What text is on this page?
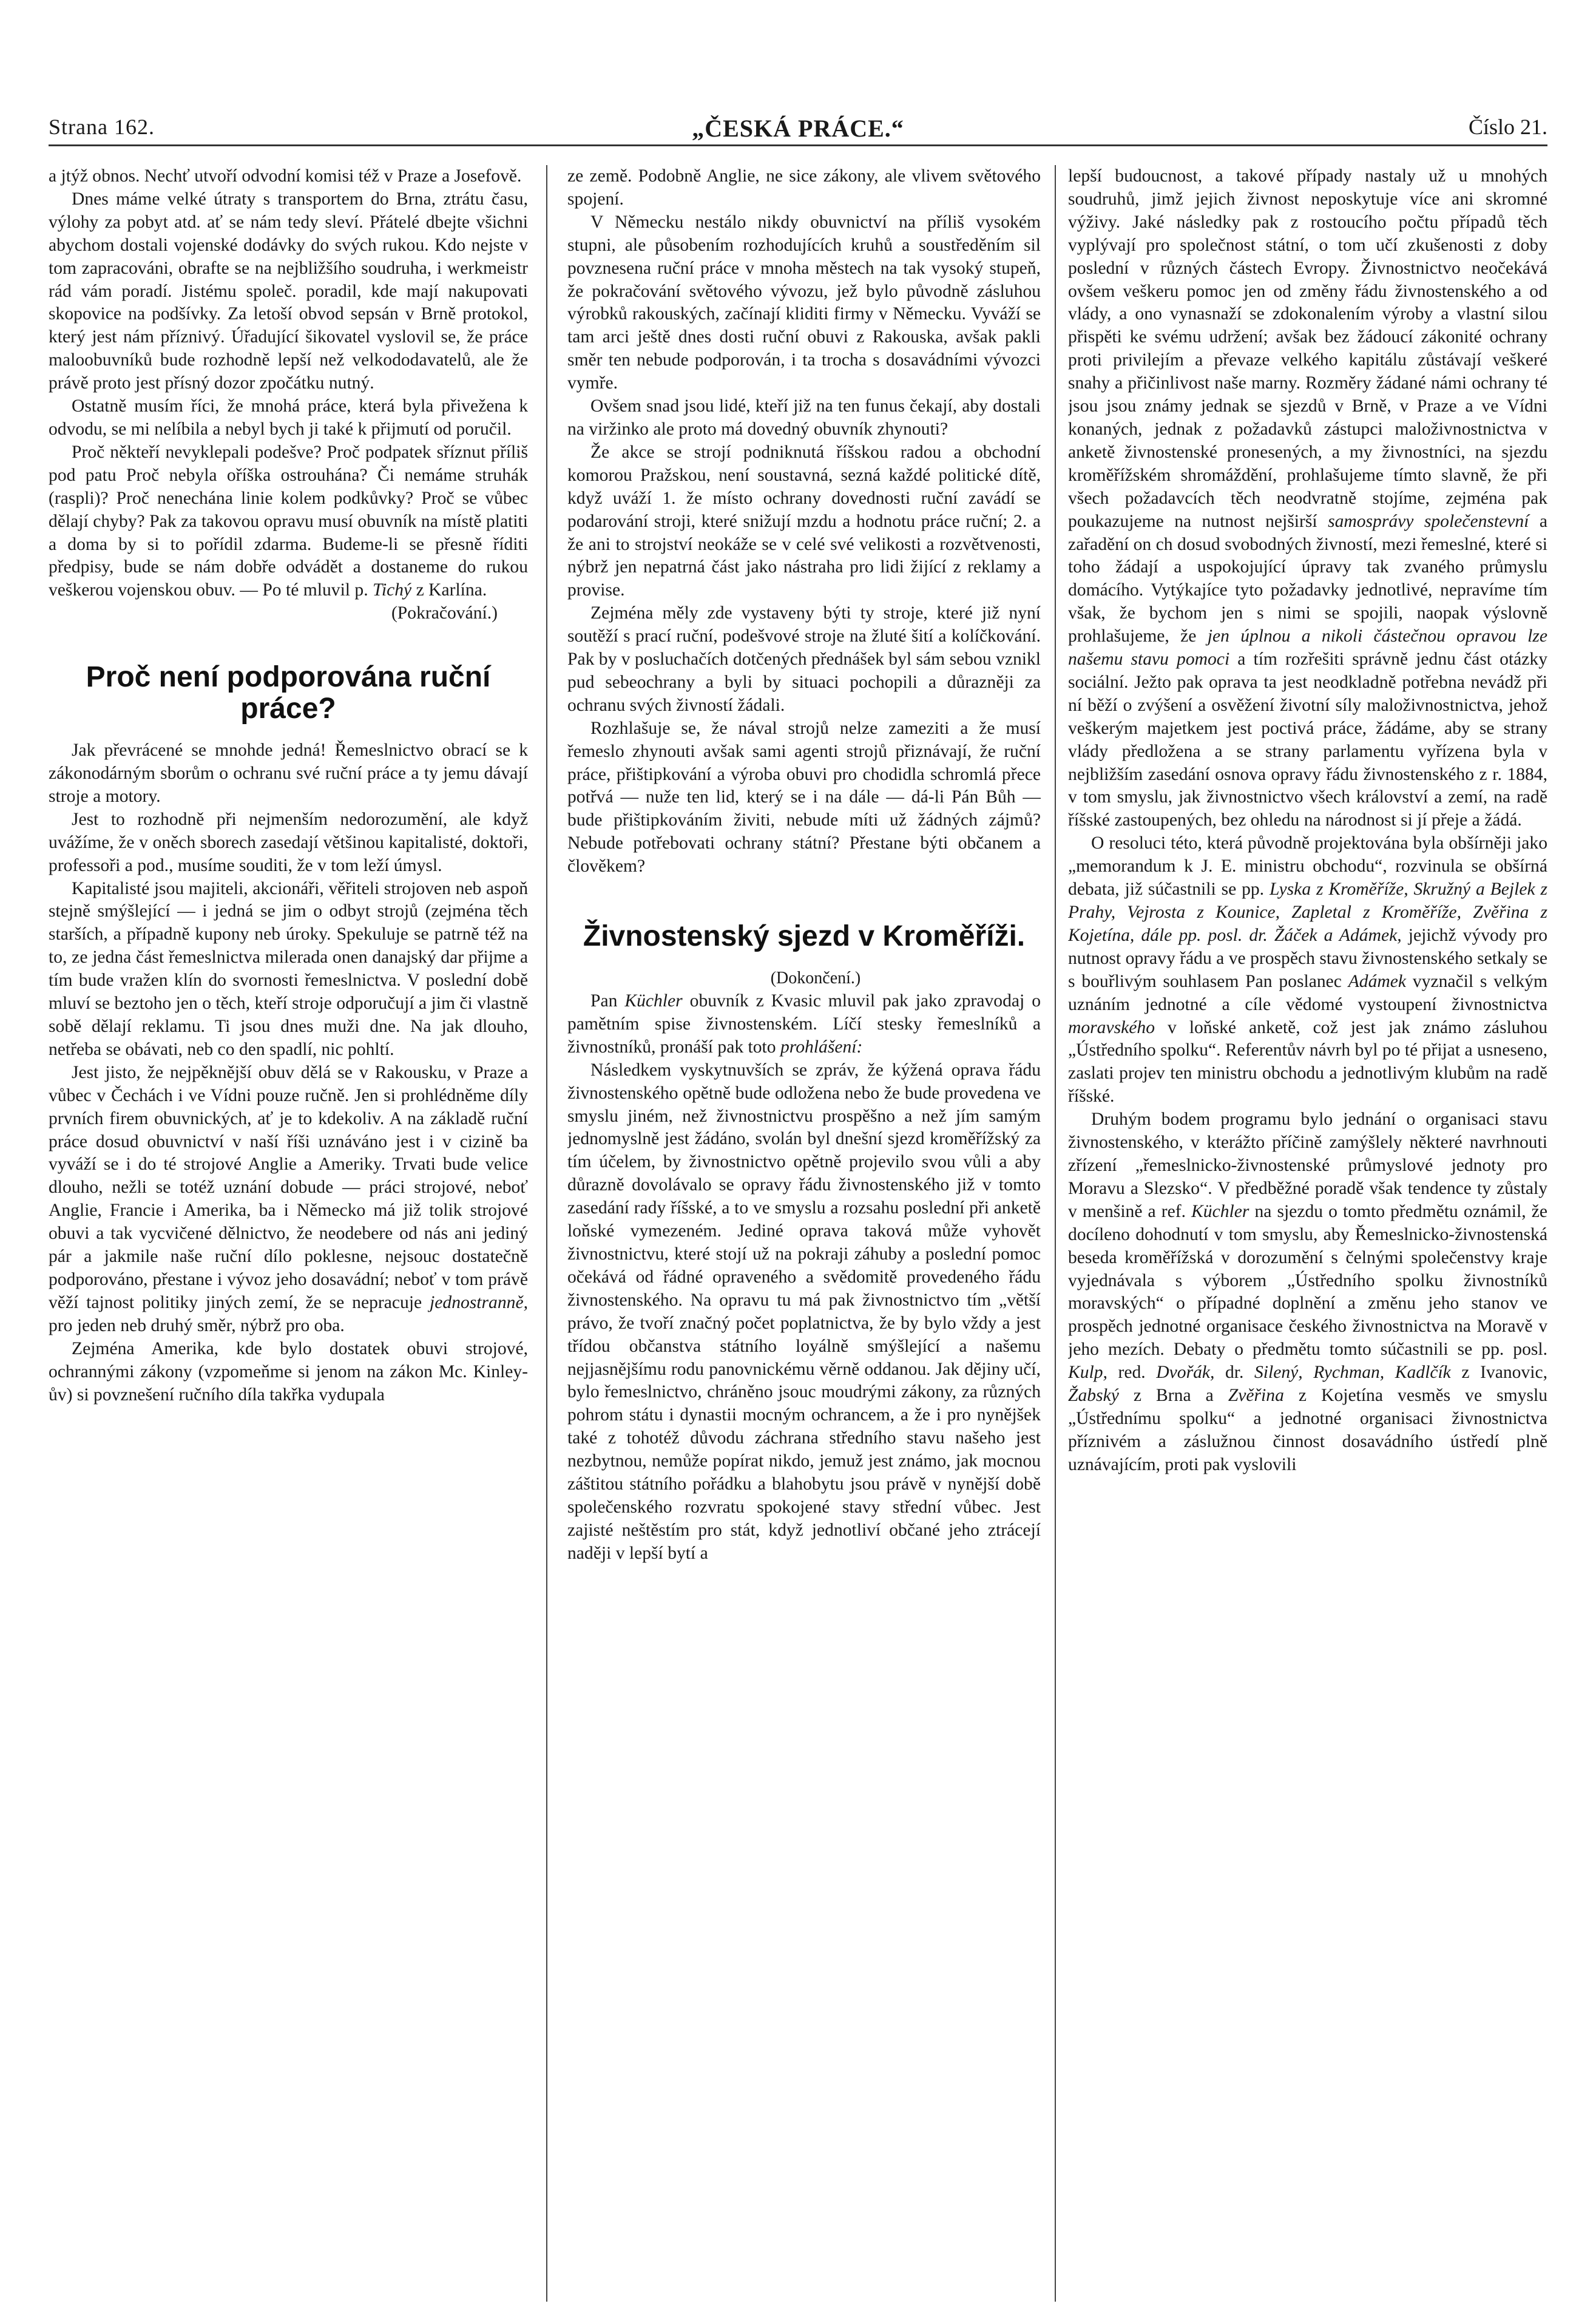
Strana 162.	„ČESKÁ PRÁCE.“	Číslo 21.

a jtýž obnos. Nechť utvoří odvodní komisi též v Praze a Josefově.

Dnes máme velké útraty s transportem do Brna, ztrátu času, výlohy za pobyt atd. ať se nám tedy sleví. Přátelé dbejte všichni abychom dostali vojenské dodávky do svých rukou. Kdo nejste v tom zapracováni, obrafte se na nejbližšího soudruha, i werkmeistr rád vám poradí. Jistému společ. poradil, kde mají nakupovati skopovice na podšívky. Za letoší obvod sepsán v Brně protokol, který jest nám příznivý. Úřadující šikovatel vyslovil se, že práce maloobuvníků bude rozhodně lepší než velkododavatelů, ale že právě proto jest přísný dozor zpočátku nutný.

Ostatně musím říci, že mnohá práce, která byla přivežena k odvodu, se mi nelíbila a nebyl bych ji také k přijmutí od poručil.

Proč někteří nevyklepali podešve? Proč podpatek sříznut příliš pod patu Proč nebyla oříška ostrouhána? Či nemáme struhák (raspli)? Proč nenechána linie kolem podkůvky? Proč se vůbec dělají chyby? Pak za takovou opravu musí obuvník na místě platiti a doma by si to pořídil zdarma. Budeme-li se přesně říditi předpisy, bude se nám dobře odvádět a dostaneme do rukou veškerou vojenskou obuv. — Po té mluvil p. Tichý z Karlína.

(Pokračování.)

Proč není podporována ruční práce?

Jak převrácené se mnohde jedná! Řemeslnictvo obrací se k zákonodárným sborům o ochranu své ruční práce a ty jemu dávají stroje a motory.

Jest to rozhodně při nejmenším nedorozumění, ale když uvážíme, že v oněch sborech zasedají většinou kapitalisté, doktoři, professoři a pod., musíme souditi, že v tom leží úmysl.

Kapitalisté jsou majiteli, akcionáři, věřiteli strojoven neb aspoň stejně smýšlející — i jedná se jim o odbyt strojů (zejména těch starších, a případně kupony neb úroky. Spekuluje se patrně též na to, ze jedna část řemeslnictva milerada onen danajský dar přijme a tím bude vražen klín do svornosti řemeslnictva. V poslední době mluví se beztoho jen o těch, kteří stroje odporučují a jim či vlastně sobě dělají reklamu. Ti jsou dnes muži dne. Na jak dlouho, netřeba se obávati, neb co den spadlí, nic pohltí.

Jest jisto, že nejpěknější obuv dělá se v Rakousku, v Praze a vůbec v Čechách i ve Vídni pouze ručně. Jen si prohlédněme díly prvních firem obuvnických, ať je to kdekoliv. A na základě ruční práce dosud obuvnictví v naší říši uznáváno jest i v cizině ba vyváží se i do té strojové Anglie a Ameriky. Trvati bude velice dlouho, nežli se totéž uznání dobude — práci strojové, neboť Anglie, Francie i Amerika, ba i Německo má již tolik strojové obuvi a tak vycvičené dělnictvo, že neodebere od nás ani jediný pár a jakmile naše ruční dílo poklesne, nejsouc dostatečně podporováno, přestane i vývoz jeho dosavádní; neboť v tom právě věží tajnost politiky jiných zemí, že se nepracuje jednostranně, pro jeden neb druhý směr, nýbrž pro oba.

Zejména Amerika, kde bylo dostatek obuvi strojové, ochrannými zákony (vzpomeňme si jenom na zákon Mc. Kinley-ův) si povznešení ručního díla takřka vydupala

ze země. Podobně Anglie, ne sice zákony, ale vlivem světového spojení.

V Německu nestálo nikdy obuvnictví na příliš vysokém stupni, ale působením rozhodujících kruhů a soustředěním sil povznesena ruční práce v mnoha městech na tak vysoký stupeň, že pokračování světového vývozu, jež bylo původně zásluhou výrobků rakouských, začínají kliditi firmy v Německu. Vyváží se tam arci ještě dnes dosti ruční obuvi z Rakouska, avšak pakli směr ten nebude podporován, i ta trocha s dosavádními vývozci vymře.

Ovšem snad jsou lidé, kteří již na ten funus čekají, aby dostali na viržinko ale proto má dovedný obuvník zhynouti?

Že akce se strojí podniknutá říšskou radou a obchodní komorou Pražskou, není soustavná, sezná každé politické dítě, když uváží 1. že místo ochrany dovednosti ruční zavádí se podarování stroji, které snižují mzdu a hodnotu práce ruční; 2. a že ani to strojství neokáže se v celé své velikosti a rozvětvenosti, nýbrž jen nepatrná část jako nástraha pro lidi žijící z reklamy a provise.

Zejména měly zde vystaveny býti ty stroje, které již nyní soutěží s prací ruční, podešvové stroje na žluté šití a kolíčkování. Pak by v posluchačích dotčených přednášek byl sám sebou vznikl pud sebeochrany a byli by situaci pochopili a důrazněji za ochranu svých živností žádali.

Rozhlašuje se, že nával strojů nelze zameziti a že musí řemeslo zhynouti avšak sami agenti strojů přiznávají, že ruční práce, přištipkování a výroba obuvi pro chodidla schromlá přece potřvá — nuže ten lid, který se i na dále — dá-li Pán Bůh — bude přištipkováním živiti, nebude míti už žádných zájmů? Nebude potřebovati ochrany státní? Přestane býti občanem a člověkem?

Živnostenský sjezd v Kroměříži.

(Dokončení.)

Pan Küchler obuvník z Kvasic mluvil pak jako zpravodaj o pamětním spise živnostenském. Líčí stesky řemeslníků a živnostníků, pronáší pak toto prohlášení:

Následkem vyskytnuvších se zpráv, že kýžená oprava řádu živnostenského opětně bude odložena nebo že bude provedena ve smyslu jiném, než živnostnictvu prospěšno a než jím samým jednomyslně jest žádáno, svolán byl dnešní sjezd kroměřížský za tím účelem, by živnostnictvo opětně projevilo svou vůli a aby důrazně dovolávalo se opravy řádu živnostenského již v tomto zasedání rady říšské, a to ve smyslu a rozsahu poslední při anketě loňské vymezeném. Jediné oprava taková může vyhovět živnostnictvu, které stojí už na pokraji záhuby a poslední pomoc očekává od řádné opraveného a svědomitě provedeného řádu živnostenského. Na opravu tu má pak živnostnictvo tím „větší právo, že tvoří značný počet poplatnictva, že by bylo vždy a jest třídou občanstva státního loyálně smýšlející a našemu nejjasnějšímu rodu panovnickému věrně oddanou. Jak dějiny učí, bylo řemeslnictvo, chráněno jsouc moudrými zákony, za různých pohrom státu i dynastii mocným ochrancem, a že i pro nynějšek také z tohotéž důvodu záchrana středního stavu našeho jest nezbytnou, nemůže popírat nikdo, jemuž jest známo, jak mocnou záštitou státního pořádku a blahobytu jsou právě v nynější době společenského rozvratu spokojené stavy střední vůbec. Jest zajisté neštěstím pro stát, když jednotliví občané jeho ztrácejí naději v lepší bytí a

lepší budoucnost, a takové případy nastaly už u mnohých soudruhů, jimž jejich živnost neposkytuje více ani skromné výživy. Jaké následky pak z rostoucího počtu případů těch vyplývají pro společnost státní, o tom učí zkušenosti z doby poslední v různých částech Evropy. Živnostnictvo neočekává ovšem veškeru pomoc jen od změny řádu živnostenského a od vlády, a ono vynasnaží se zdokonalením výroby a vlastní silou přispěti ke svému udržení; avšak bez žádoucí zákonité ochrany proti privilejím a převaze velkého kapitálu zůstávají veškeré snahy a přičinlivost naše marny. Rozměry žádané námi ochrany té jsou jsou známy jednak se sjezdů v Brně, v Praze a ve Vídni konaných, jednak z požadavků zástupci maloživnostnictva v anketě živnostenské pronesených, a my živnostníci, na sjezdu kroměřížském shromáždění, prohlašujeme tímto slavně, že při všech požadavcích těch neodvratně stojíme, zejména pak poukazujeme na nutnost nejširší samosprávy společenstevní a zařadění on ch dosud svobodných živností, mezi řemeslné, které si toho žádají a uspokojující úpravy tak zvaného průmyslu domácího. Vytýkajíce tyto požadavky jednotlivé, nepravíme tím však, že bychom jen s nimi se spojili, naopak výslovně prohlašujeme, že jen úplnou a nikoli částečnou opravou lze našemu stavu pomoci a tím rozřešiti správně jednu část otázky sociální. Ježto pak oprava ta jest neodkladně potřebna nevádž při ní běží o zvýšení a osvěžení životní síly maloživnostnictva, jehož veškerým majetkem jest poctivá práce, žádáme, aby se strany vlády předložena a se strany parlamentu vyřízena byla v nejbližším zasedání osnova opravy řádu živnostenského z r. 1884, v tom smyslu, jak živnostnictvo všech království a zemí, na radě říšské zastoupených, bez ohledu na národnost si jí přeje a žádá.

O resoluci této, která původně projektována byla obšírněji jako „memorandum k J. E. ministru obchodu“, rozvinula se obšírná debata, již súčastnili se pp. Lyska z Kroměříže, Skružný a Bejlek z Prahy, Vejrosta z Kounice, Zapletal z Kroměříže, Zvěřina z Kojetína, dále pp. posl. dr. Žáček a Adámek, jejichž vývody pro nutnost opravy řádu a ve prospěch stavu živnostenského setkaly se s bouřlivým souhlasem Pan poslanec Adámek vyznačil s velkým uznáním jednotné a cíle vědomé vystoupení živnostnictva moravského v loňské anketě, což jest jak známo zásluhou „Ústředního spolku“. Referentův návrh byl po té přijat a usneseno, zaslati projev ten ministru obchodu a jednotlivým klubům na radě říšské.

Druhým bodem programu bylo jednání o organisaci stavu živnostenského, v kterážto příčině zamýšlely některé navrhnouti zřízení „řemeslnicko-živnostenské průmyslové jednoty pro Moravu a Slezsko“. V předběžné poradě však tendence ty zůstaly v menšině a ref. Küchler na sjezdu o tomto předmětu oznámil, že docíleno dohodnutí v tom smyslu, aby Řemeslnicko-živnostenská beseda kroměřížská v dorozumění s čelnými společenstvy kraje vyjednávala s výborem „Ústředního spolku živnostníků moravských“ o případné doplnění a změnu jeho stanov ve prospěch jednotné organisace českého živnostnictva na Moravě v jeho mezích. Debaty o předmětu tomto súčastnili se pp. posl. Kulp, red. Dvořák, dr. Silený, Rychman, Kadlčík z Ivanovic, Žabský z Brna a Zvěřina z Kojetína vesměs ve smyslu „Ústřednímu spolku“ a jednotné organisaci živnostnictva příznivém a záslužnou činnost dosavádního ústředí plně uznávajícím, proti pak vyslovili
